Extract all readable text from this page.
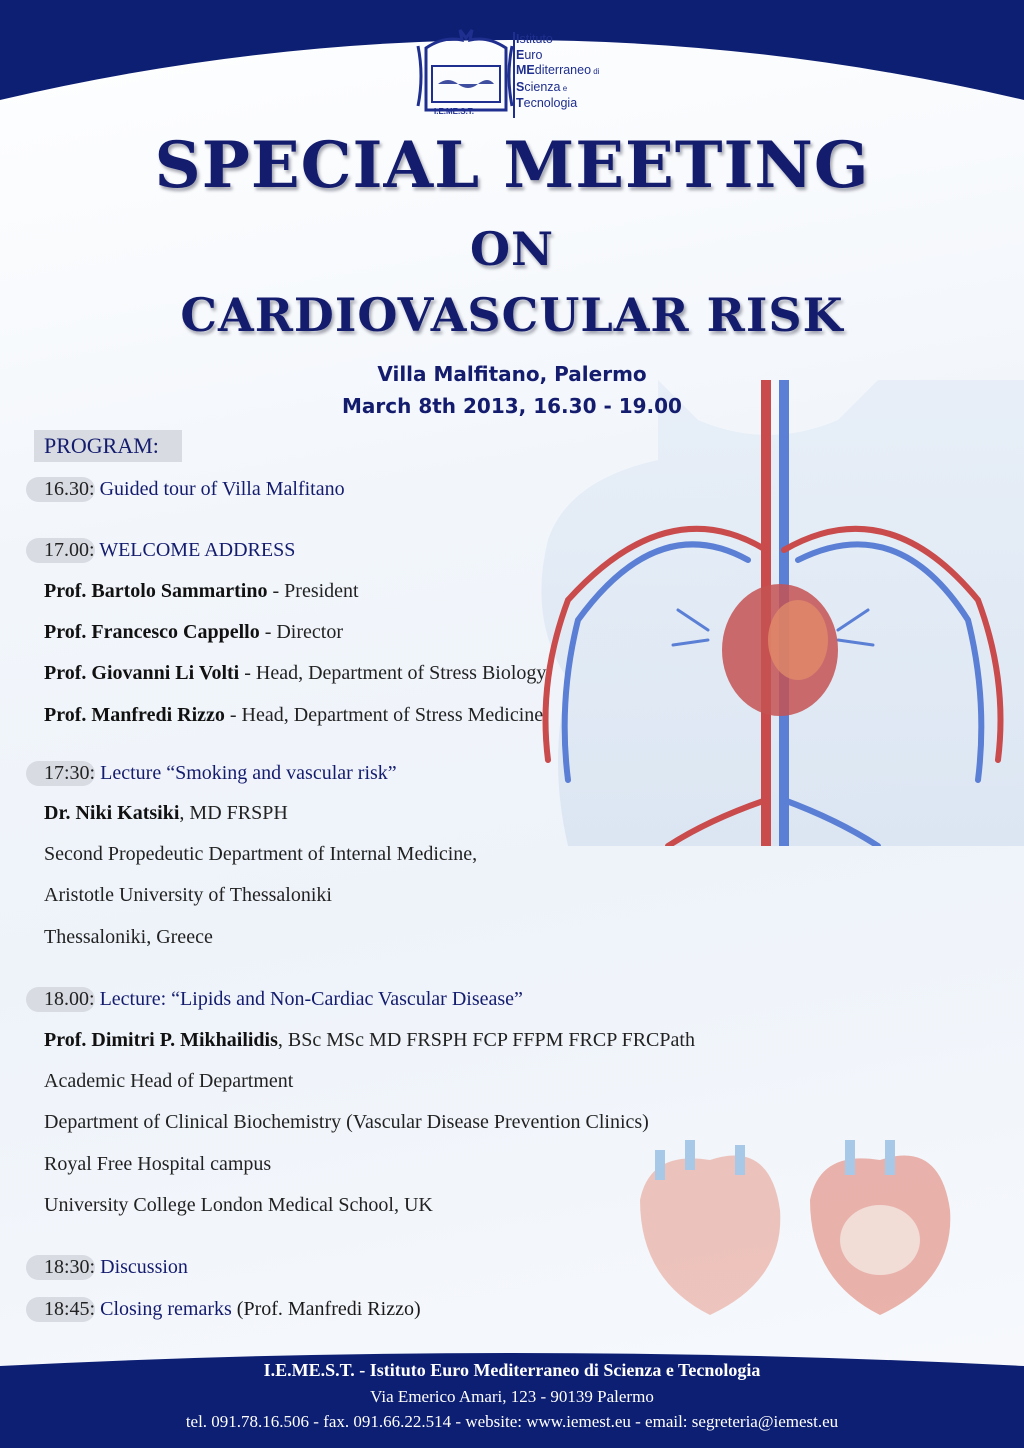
Istituto
Euro
MEditerraneo di
Scienza e
Tecnologia
I.E.ME.S.T.
SPECIAL MEETING
ON
CARDIOVASCULAR RISK
Villa Malfitano, Palermo
March 8th 2013, 16.30 - 19.00
PROGRAM:
16.30: Guided tour of Villa Malfitano
17.00: WELCOME ADDRESS
Prof. Bartolo Sammartino - President
Prof. Francesco Cappello - Director
Prof. Giovanni Li Volti - Head, Department of Stress Biology
Prof. Manfredi Rizzo - Head, Department of Stress Medicine
17:30: Lecture “Smoking and vascular risk”
Dr. Niki Katsiki, MD FRSPH
Second Propedeutic Department of Internal Medicine,
Aristotle University of Thessaloniki
Thessaloniki, Greece
18.00: Lecture: “Lipids and Non-Cardiac Vascular Disease”
Prof. Dimitri P. Mikhailidis, BSc MSc MD FRSPH FCP FFPM FRCP FRCPath
Academic Head of Department
Department of Clinical Biochemistry (Vascular Disease Prevention Clinics)
Royal Free Hospital campus
University College London Medical School, UK
18:30: Discussion
18:45: Closing remarks (Prof. Manfredi Rizzo)
I.E.ME.S.T. - Istituto Euro Mediterraneo di Scienza e Tecnologia
Via Emerico Amari, 123 - 90139 Palermo
tel. 091.78.16.506 - fax. 091.66.22.514 - website: www.iemest.eu - email: segreteria@iemest.eu
